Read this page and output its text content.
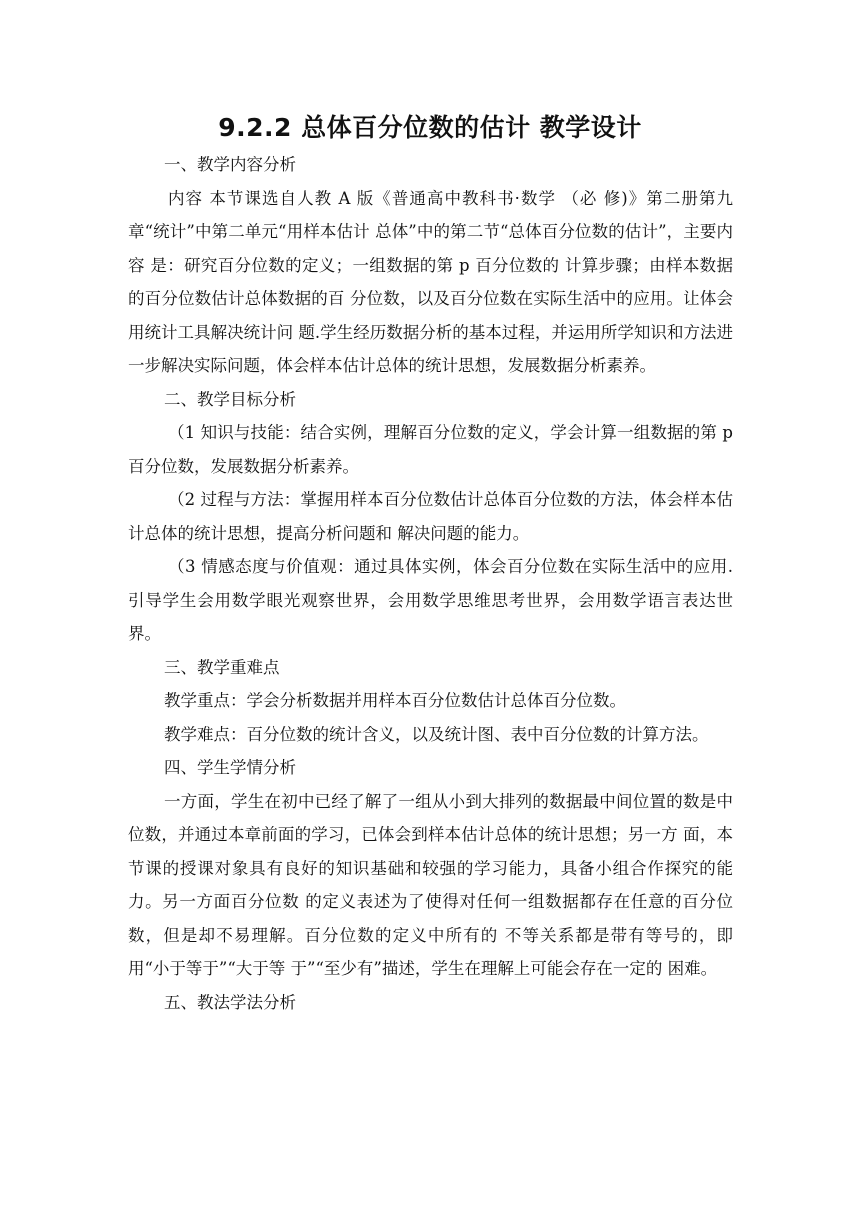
9.2.2 总体百分位数的估计 教学设计

一、教学内容分析

内容 本节课选自人教 A 版《普通高中教科书·数学 （必 修)》第二册第九章“统计”中第二单元“用样本估计 总体”中的第二节“总体百分位数的估计”，主要内容 是：研究百分位数的定义；一组数据的第 p 百分位数的 计算步骤；由样本数据的百分位数估计总体数据的百 分位数，以及百分位数在实际生活中的应用。让体会用统计工具解决统计问 题.学生经历数据分析的基本过程，并运用所学知识和方法进一步解决实际问题，体会样本估计总体的统计思想，发展数据分析素养。

二、教学目标分析

（1 知识与技能：结合实例，理解百分位数的定义，学会计算一组数据的第 p 百分位数，发展数据分析素养。

（2 过程与方法：掌握用样本百分位数估计总体百分位数的方法，体会样本估计总体的统计思想，提高分析问题和 解决问题的能力。

（3 情感态度与价值观：通过具体实例，体会百分位数在实际生活中的应用. 引导学生会用数学眼光观察世界，会用数学思维思考世界，会用数学语言表达世界。

三、教学重难点

教学重点：学会分析数据并用样本百分位数估计总体百分位数。

教学难点：百分位数的统计含义，以及统计图、表中百分位数的计算方法。

四、学生学情分析

一方面，学生在初中已经了解了一组从小到大排列的数据最中间位置的数是中位数，并通过本章前面的学习，已体会到样本估计总体的统计思想；另一方 面，本节课的授课对象具有良好的知识基础和较强的学习能力，具备小组合作探究的能力。另一方面百分位数 的定义表述为了使得对任何一组数据都存在任意的百分位数，但是却不易理解。百分位数的定义中所有的 不等关系都是带有等号的，即用“小于等于”“大于等 于”“至少有”描述，学生在理解上可能会存在一定的 困难。

五、教法学法分析
